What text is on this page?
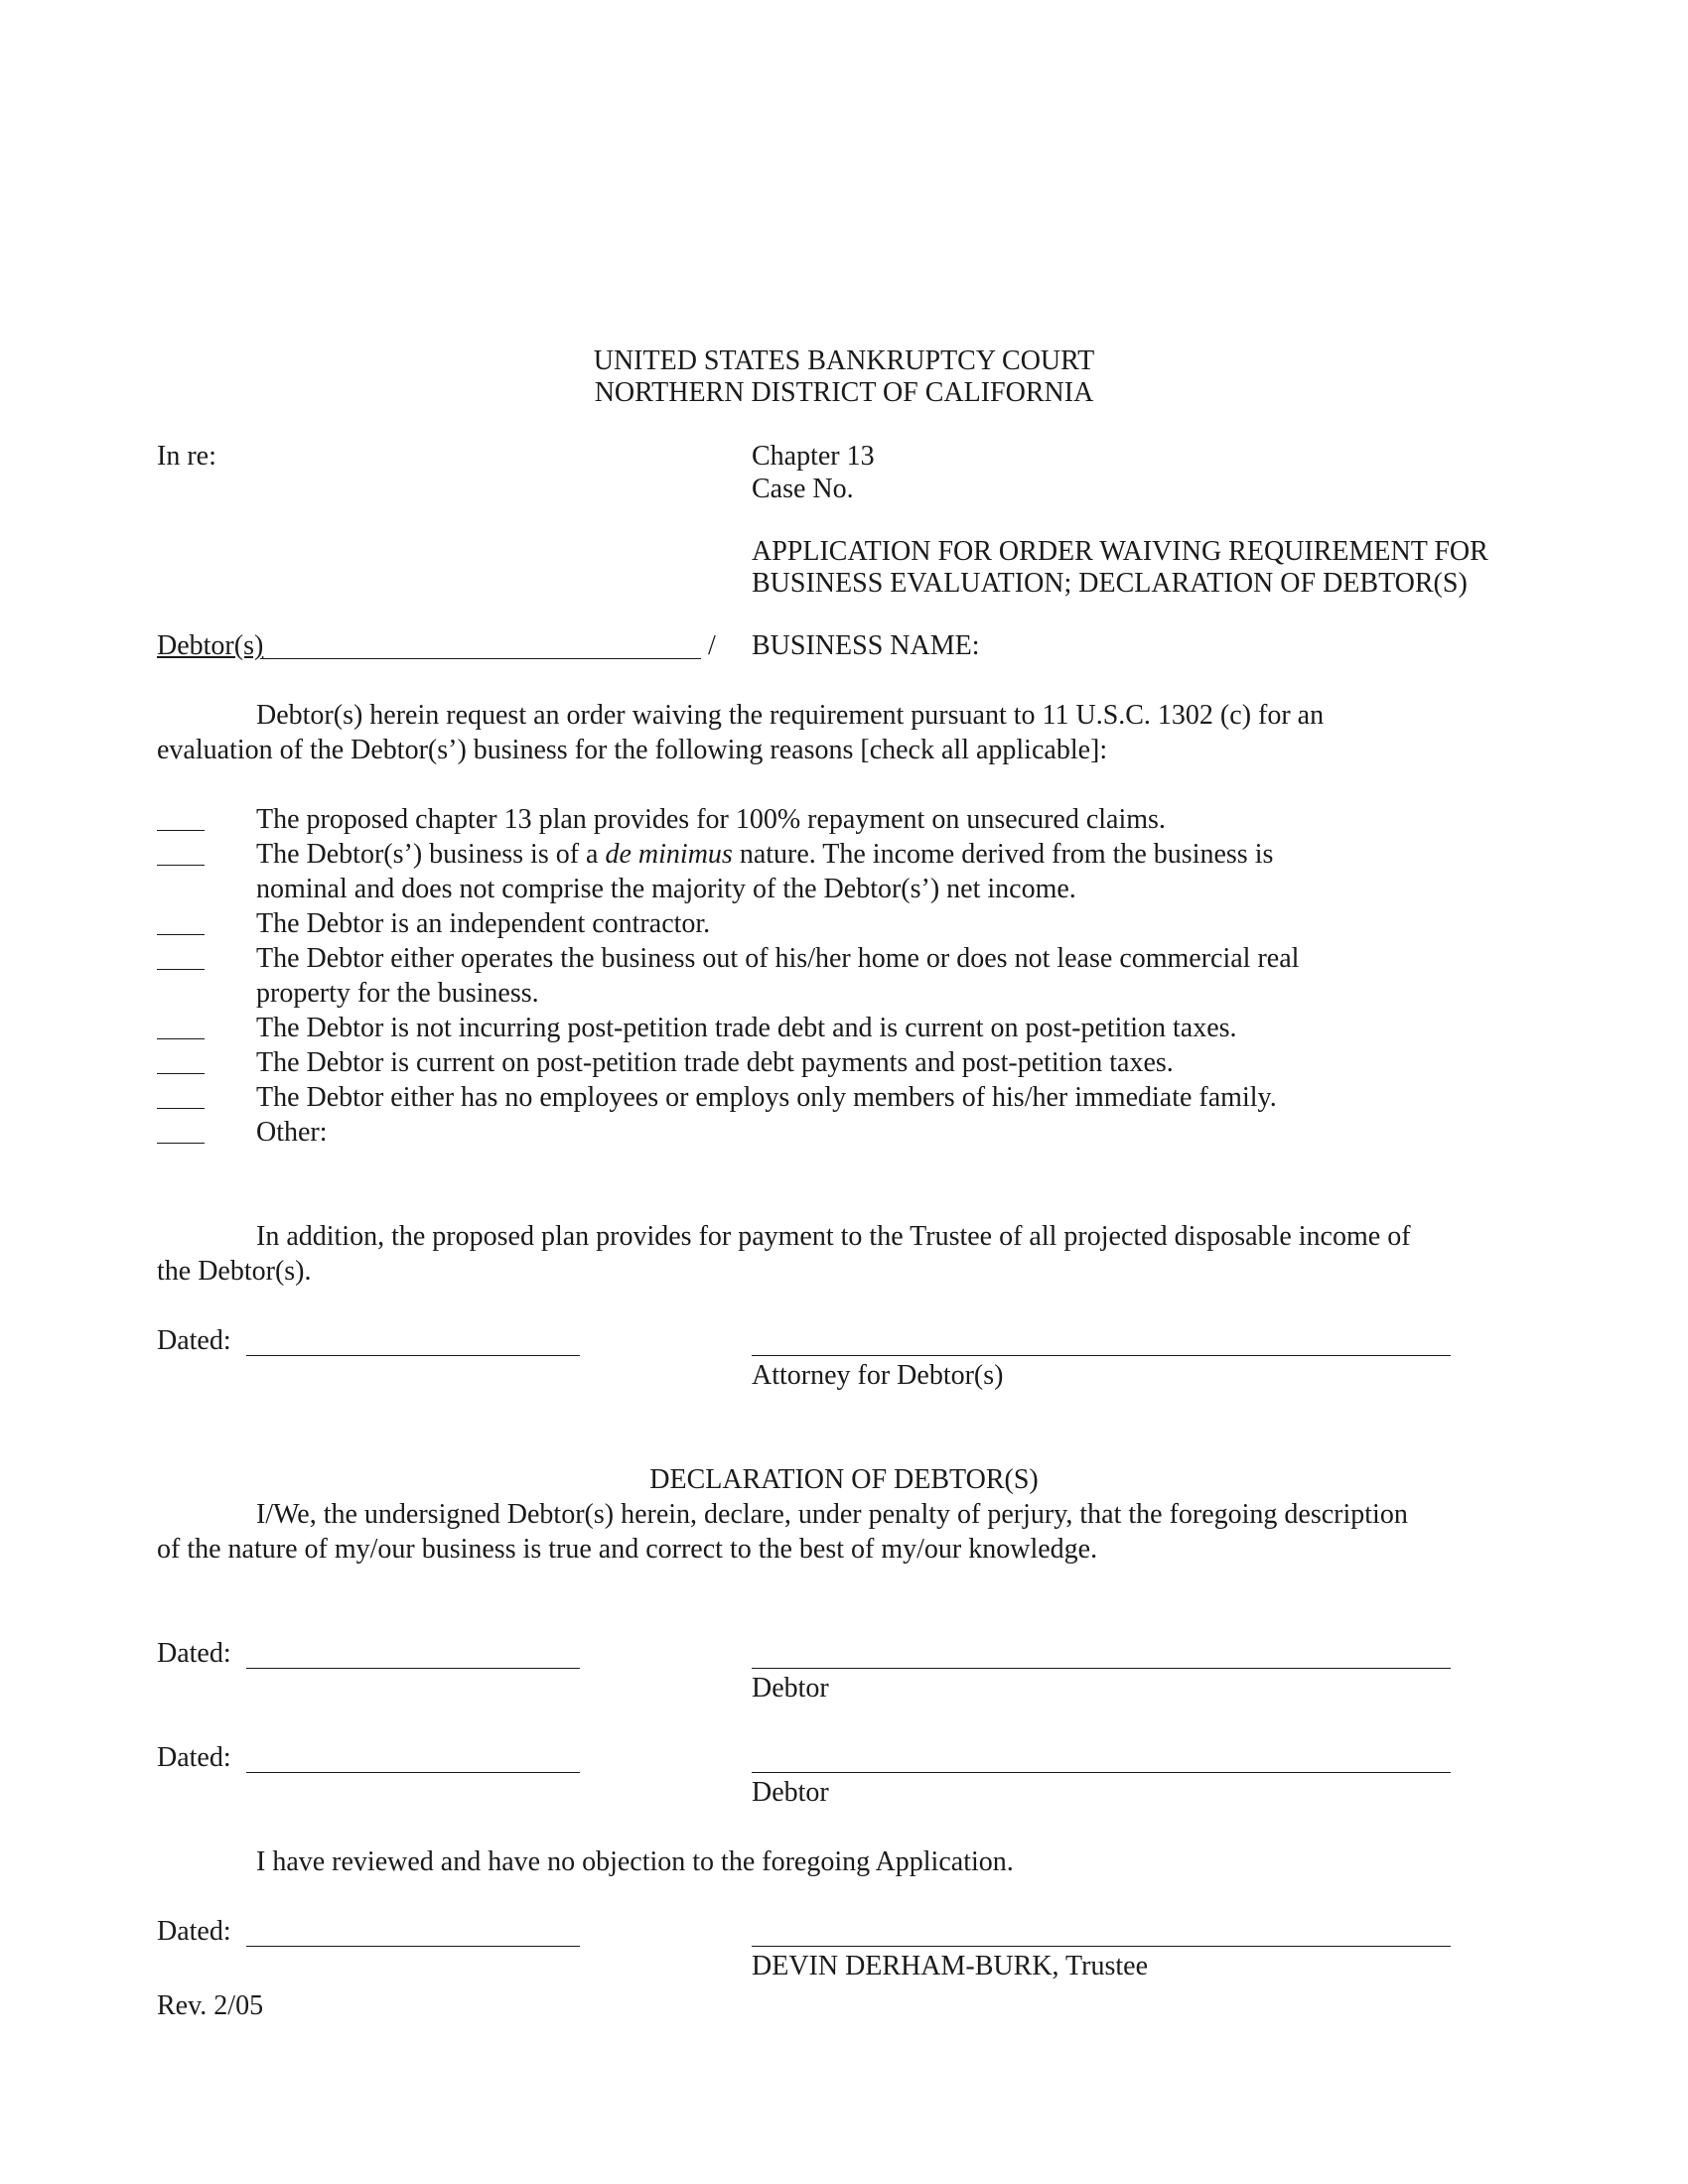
UNITED STATES BANKRUPTCY COURT
NORTHERN DISTRICT OF CALIFORNIA
In re:	Chapter 13
Case No.
APPLICATION FOR ORDER WAIVING REQUIREMENT FOR
BUSINESS EVALUATION; DECLARATION OF DEBTOR(S)
Debtor(s)	/ BUSINESS NAME:
Debtor(s) herein request an order waiving the requirement pursuant to 11 U.S.C. 1302 (c) for an
evaluation of the Debtor(s’) business for the following reasons [check all applicable]:
The proposed chapter 13 plan provides for 100% repayment on unsecured claims.
The Debtor(s’) business is of a de minimus nature. The income derived from the business is
nominal and does not comprise the majority of the Debtor(s’) net income.
The Debtor is an independent contractor.
The Debtor either operates the business out of his/her home or does not lease commercial real
property for the business.
The Debtor is not incurring post-petition trade debt and is current on post-petition taxes.
The Debtor is current on post-petition trade debt payments and post-petition taxes.
The Debtor either has no employees or employs only members of his/her immediate family.
Other:
In addition, the proposed plan provides for payment to the Trustee of all projected disposable income of
the Debtor(s).
Dated:
Attorney for Debtor(s)
DECLARATION OF DEBTOR(S)
I/We, the undersigned Debtor(s) herein, declare, under penalty of perjury, that the foregoing description
of the nature of my/our business is true and correct to the best of my/our knowledge.
Dated:
Debtor
Dated:
Debtor
I have reviewed and have no objection to the foregoing Application.
Dated:
DEVIN DERHAM-BURK, Trustee
Rev. 2/05
